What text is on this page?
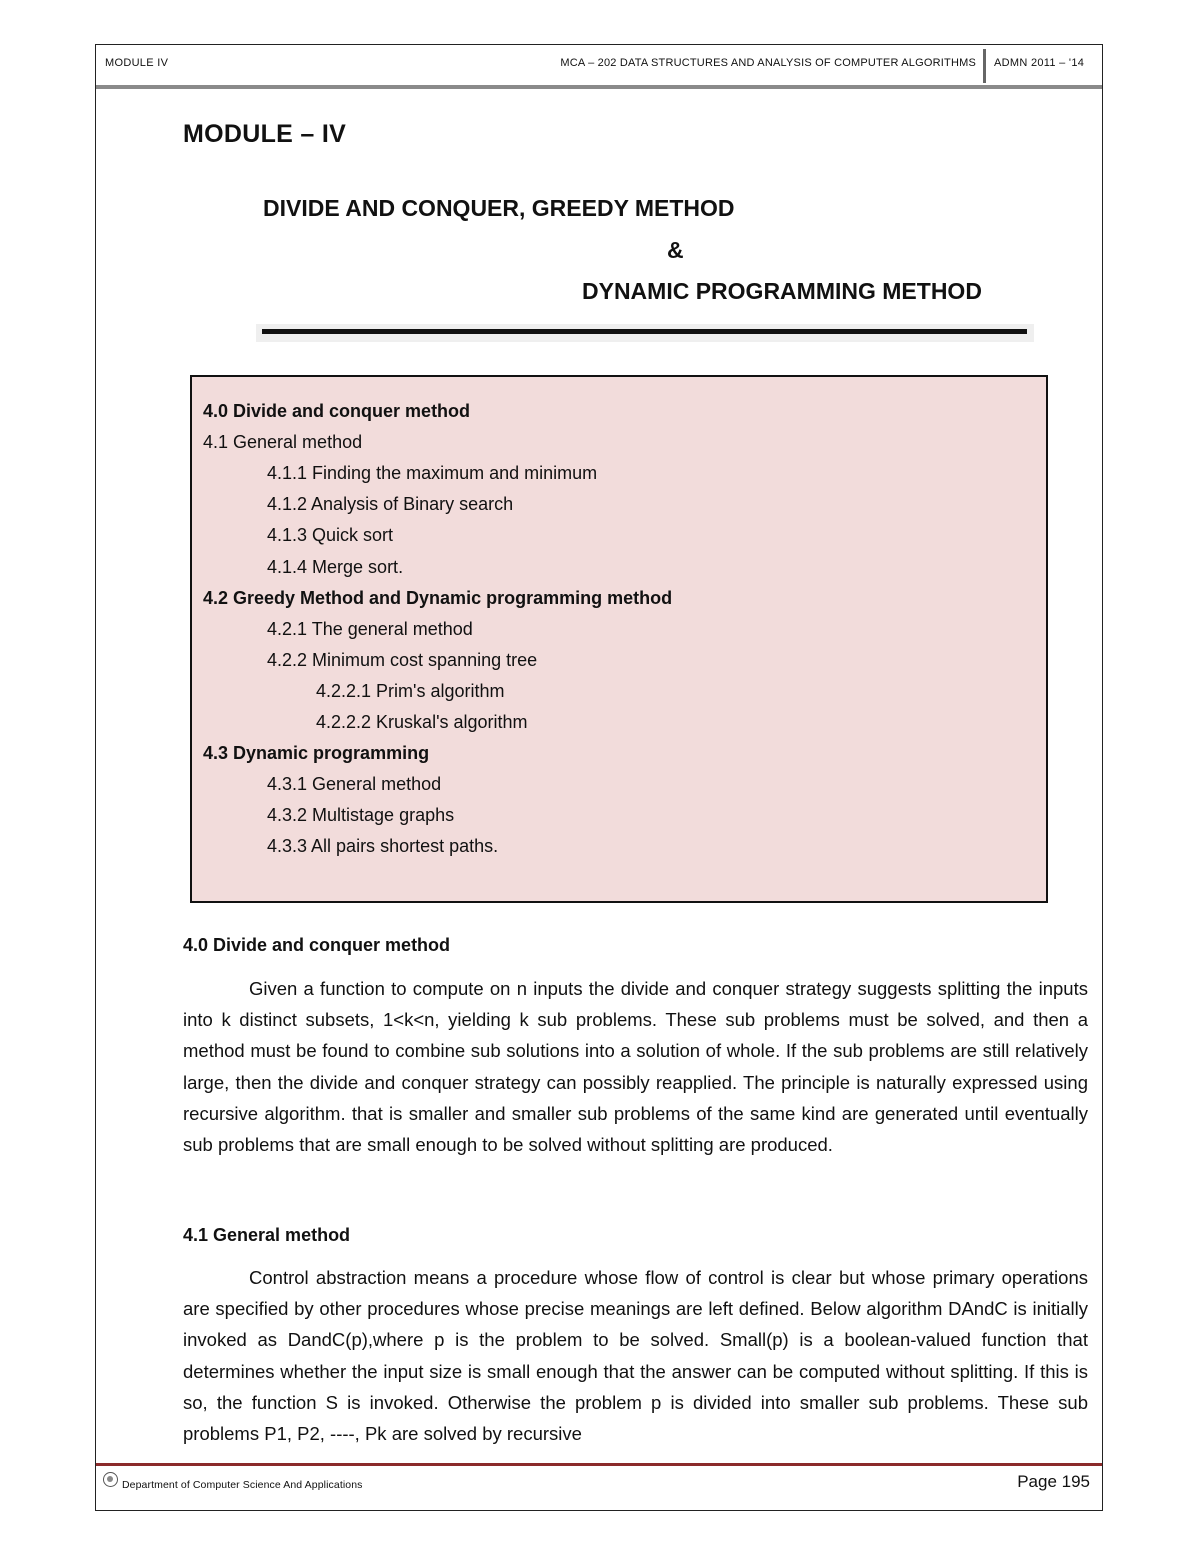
MODULE IV	MCA – 202 DATA STRUCTURES AND ANALYSIS OF COMPUTER ALGORITHMS ADMN 2011 – '14
MODULE – IV
DIVIDE AND CONQUER, GREEDY METHOD
&
DYNAMIC PROGRAMMING METHOD
4.0 Divide and conquer method
4.1 General method
4.1.1 Finding the maximum and minimum
4.1.2 Analysis of Binary search
4.1.3 Quick sort
4.1.4 Merge sort.
4.2 Greedy Method and Dynamic programming method
4.2.1 The general method
4.2.2 Minimum cost spanning tree
4.2.2.1 Prim's algorithm
4.2.2.2 Kruskal's algorithm
4.3 Dynamic programming
4.3.1 General method
4.3.2 Multistage graphs
4.3.3 All pairs shortest paths.
4.0 Divide and conquer method

Given a function to compute on n inputs the divide and conquer strategy suggests splitting the inputs into k distinct subsets, 1<k<n, yielding k sub problems. These sub problems must be solved, and then a method must be found to combine sub solutions into a solution of whole. If the sub problems are still relatively large, then the divide and conquer strategy can possibly reapplied. The principle is naturally expressed using recursive algorithm. that is smaller and smaller sub problems of the same kind are generated until eventually sub problems that are small enough to be solved without splitting are produced.

4.1 General method

Control abstraction means a procedure whose flow of control is clear but whose primary operations are specified by other procedures whose precise meanings are left defined. Below algorithm DAndC is initially invoked as DandC(p),where p is the problem to be solved. Small(p) is a boolean-valued function that determines whether the input size is small enough that the answer can be computed without splitting. If this is so, the function S is invoked. Otherwise the problem p is divided into smaller sub problems. These sub problems P1, P2, ----, Pk are solved by recursive

Department of Computer Science And Applications	Page 195
